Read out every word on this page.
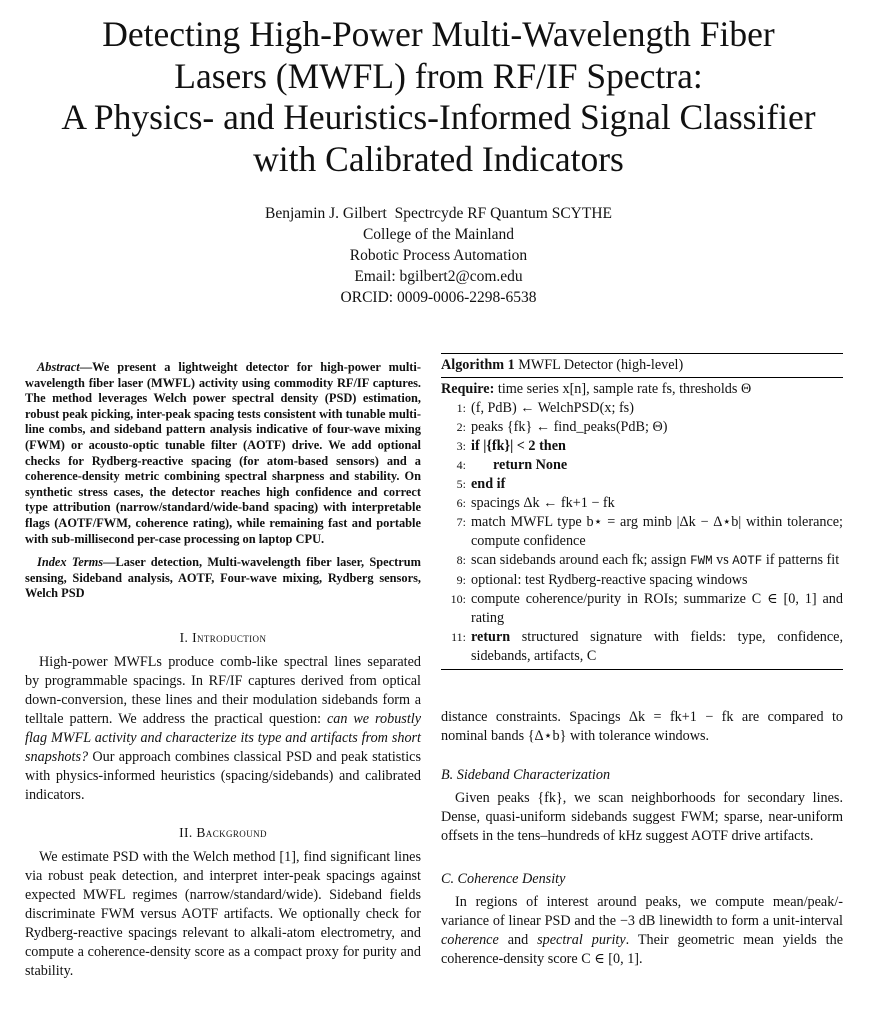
Detecting High-Power Multi-Wavelength Fiber
Lasers (MWFL) from RF/IF Spectra:
A Physics- and Heuristics-Informed Signal Classifier
with Calibrated Indicators
Benjamin J. Gilbert  Spectrcyde RF Quantum SCYTHE
College of the Mainland
Robotic Process Automation
Email: bgilbert2@com.edu
ORCID: 0009-0006-2298-6538

Abstract—We present a lightweight detector for high-power multi-wavelength fiber laser (MWFL) activity using commodity RF/IF captures. The method leverages Welch power spectral density (PSD) estimation, robust peak picking, inter-peak spacing tests consistent with tunable multi-line combs, and sideband pattern analysis indicative of four-wave mixing (FWM) or acousto-optic tunable filter (AOTF) drive. We add optional checks for Rydberg-reactive spacing (for atom-based sensors) and a coherence-density metric combining spectral sharpness and stability. On synthetic stress cases, the detector reaches high confidence and correct type attribution (narrow/standard/wide-band spacing) with interpretable flags (AOTF/FWM, coherence rating), while remaining fast and portable with sub-millisecond per-case processing on laptop CPU.

Index Terms—Laser detection, Multi-wavelength fiber laser, Spectrum sensing, Sideband analysis, AOTF, Four-wave mixing, Rydberg sensors, Welch PSD

I. Introduction

High-power MWFLs produce comb-like spectral lines separated by programmable spacings. In RF/IF captures derived from optical down-conversion, these lines and their modulation sidebands form a telltale pattern. We address the practical question: can we robustly flag MWFL activity and characterize its type and artifacts from short snapshots? Our approach combines classical PSD and peak statistics with physics-informed heuristics (spacing/sidebands) and calibrated indicators.

II. Background

We estimate PSD with the Welch method [1], find significant lines via robust peak detection, and interpret inter-peak spacings against expected MWFL regimes (narrow/standard/wide). Sideband fields discriminate FWM versus AOTF artifacts. We optionally check for Rydberg-reactive spacings relevant to alkali-atom electrometry, and compute a coherence-density score as a compact proxy for purity and stability.

Algorithm 1 MWFL Detector (high-level)
Require: time series x[n], sample rate fs, thresholds Θ
1: (f, PdB) ← WelchPSD(x; fs)
2: peaks {fk} ← find_peaks(PdB; Θ)
3: if |{fk}| < 2 then
4:	return None
5: end if
6: spacings Δk ← fk+1 − fk
7: match MWFL type b⋆ = arg minb |Δk − Δ⋆b| within tolerance; compute confidence
8: scan sidebands around each fk; assign FWM vs AOTF if patterns fit
9: optional: test Rydberg-reactive spacing windows
10: compute coherence/purity in ROIs; summarize C ∈ [0, 1] and rating
11: return structured signature with fields: type, confidence, sidebands, artifacts, C

distance constraints. Spacings Δk = fk+1 − fk are compared to nominal bands {Δ⋆b} with tolerance windows.

B. Sideband Characterization

Given peaks {fk}, we scan neighborhoods for secondary lines. Dense, quasi-uniform sidebands suggest FWM; sparse, near-uniform offsets in the tens–hundreds of kHz suggest AOTF drive artifacts.

C. Coherence Density

In regions of interest around peaks, we compute mean/peak/-variance of linear PSD and the −3 dB linewidth to form a unit-interval coherence and spectral purity. Their geometric mean yields the coherence-density score C ∈ [0, 1].
